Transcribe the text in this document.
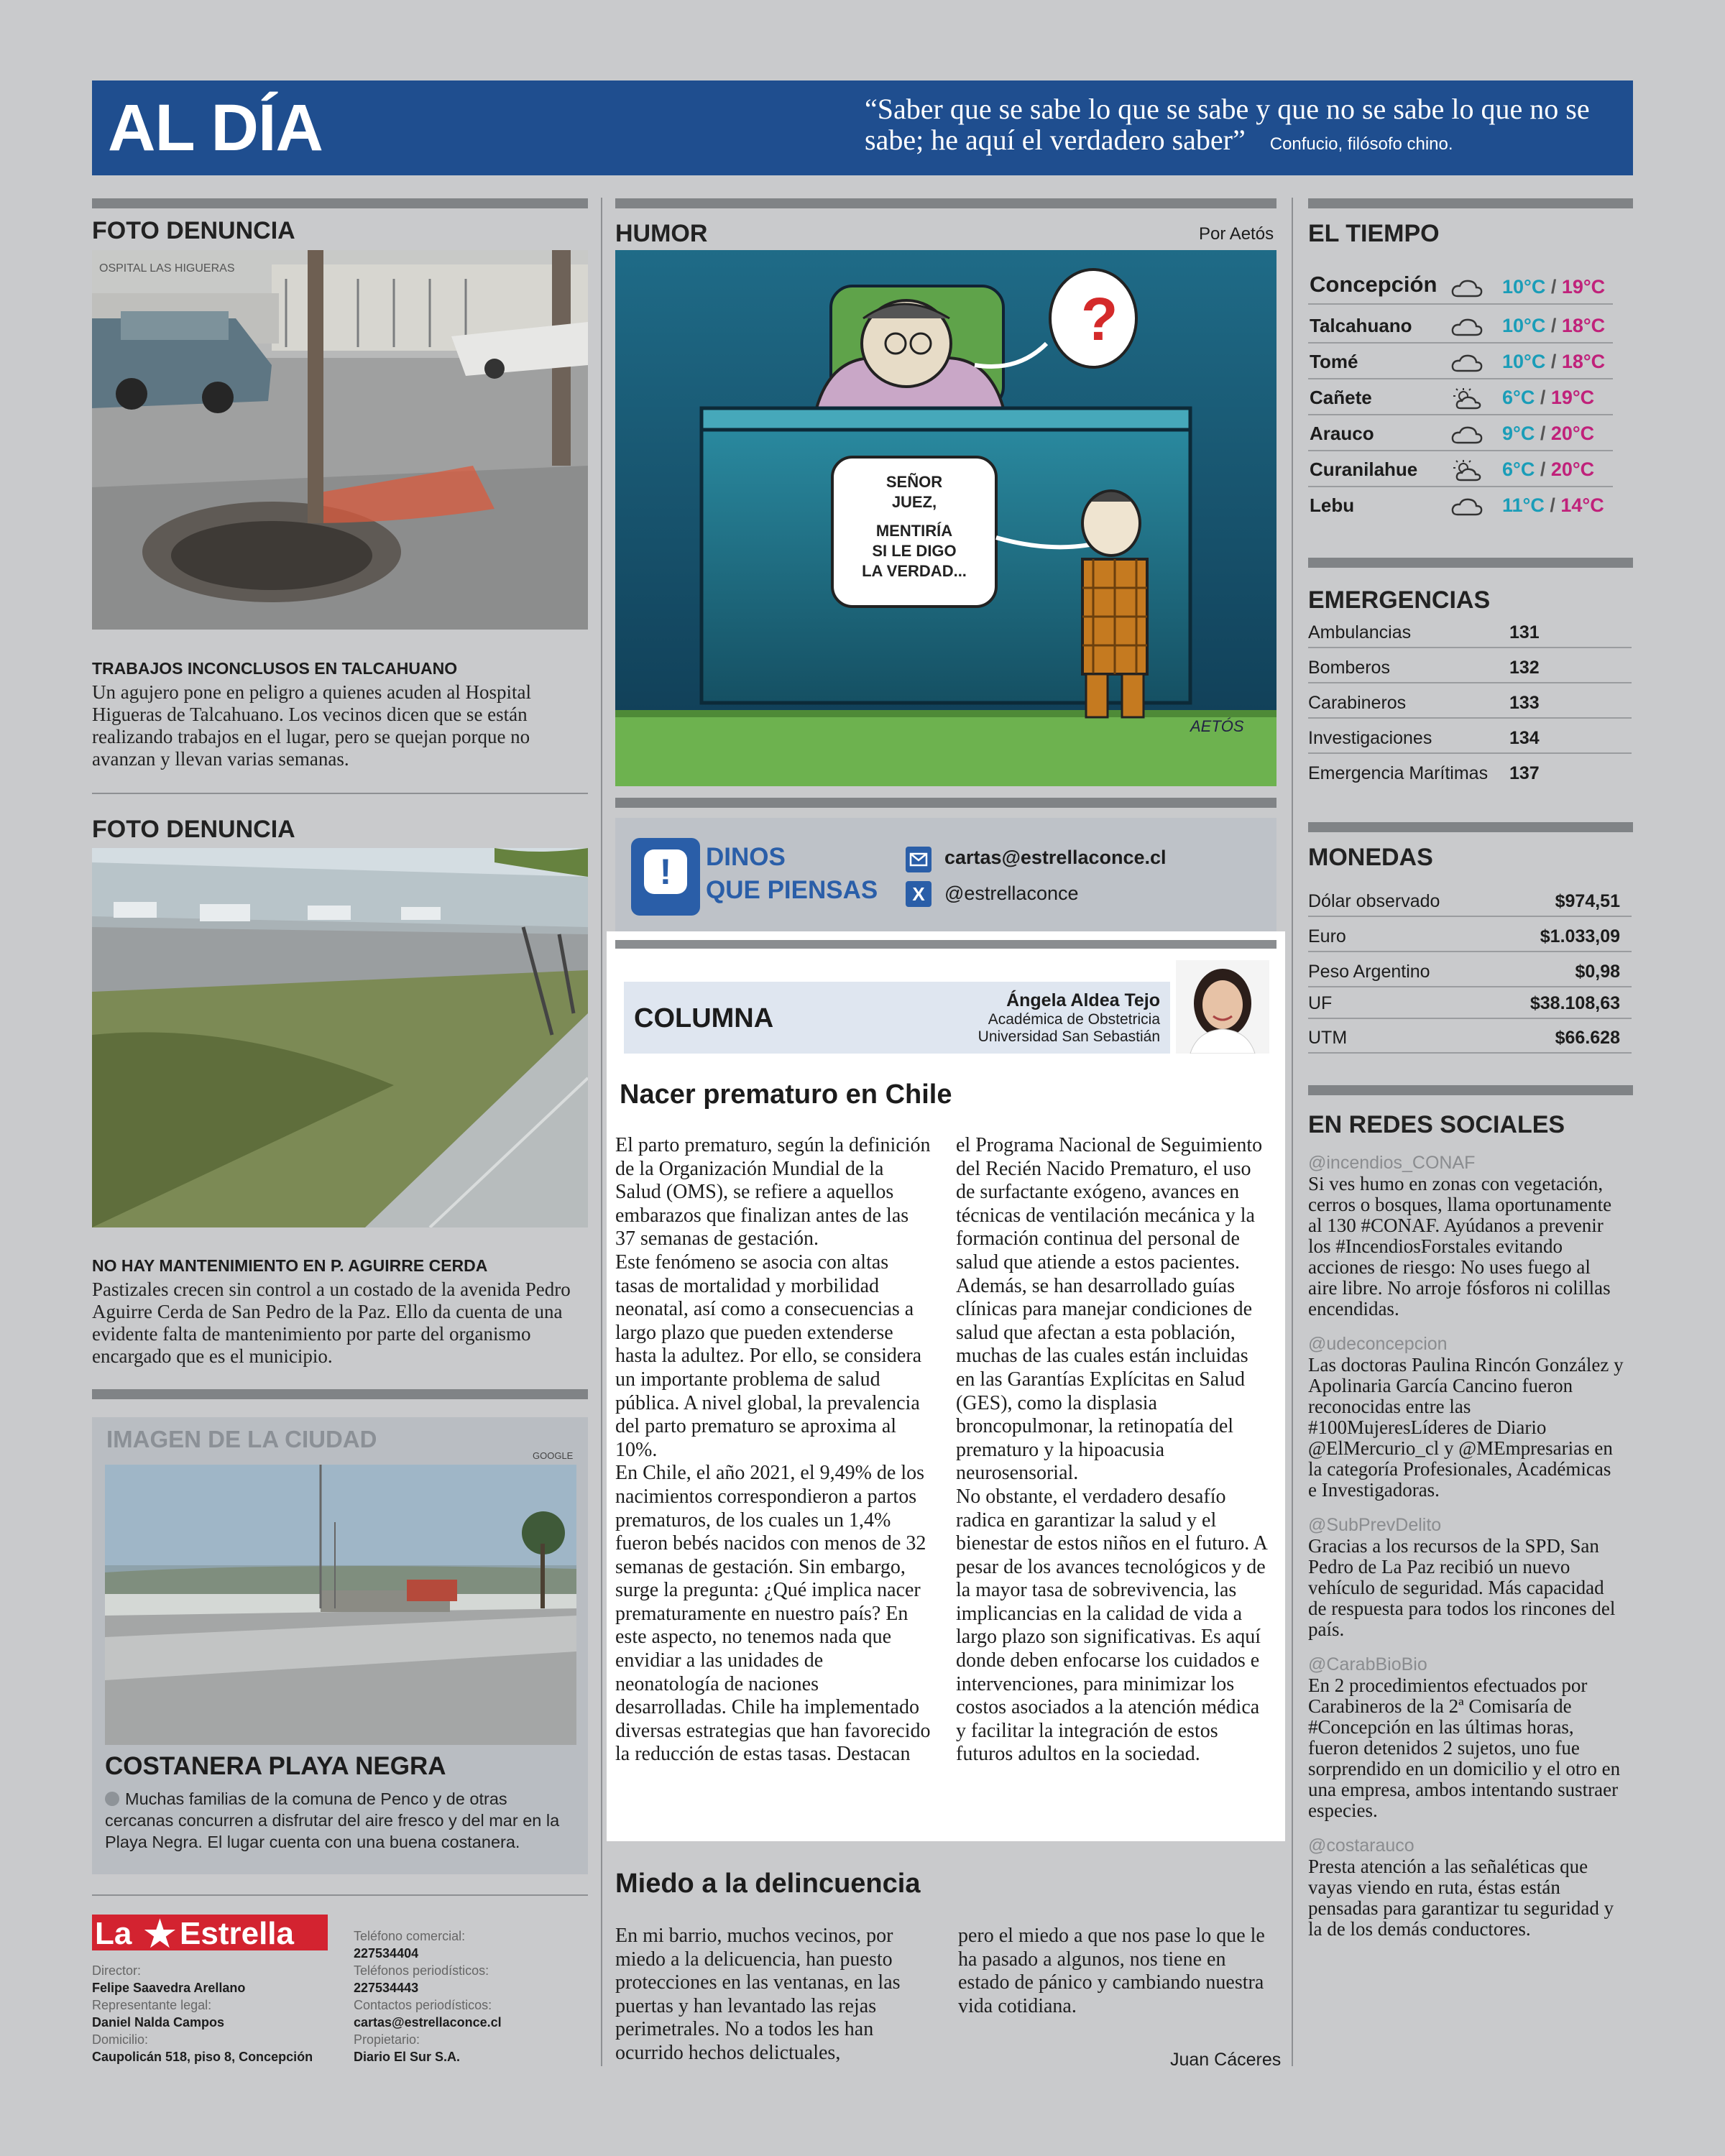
AL DÍA	“Saber que se sabe lo que se sabe y que no se sabe lo que no se sabe; he aquí el verdadero saber” Confucio, filósofo chino.
FOTO DENUNCIA
OSPITAL LAS HIGUERAS
TRABAJOS INCONCLUSOS EN TALCAHUANO
Un agujero pone en peligro a quienes acuden al Hospital Higueras de Talcahuano. Los vecinos dicen que se están realizando trabajos en el lugar, pero se quejan porque no avanzan y llevan varias semanas.
FOTO DENUNCIA
NO HAY MANTENIMIENTO EN P. AGUIRRE CERDA
Pastizales crecen sin control a un costado de la avenida Pedro Aguirre Cerda de San Pedro de la Paz. Ello da cuenta de una evidente falta de mantenimiento por parte del organismo encargado que es el municipio.
IMAGEN DE LA CIUDAD
GOOGLE
COSTANERA PLAYA NEGRA
Muchas familias de la comuna de Penco y de otras cercanas concurren a disfrutar del aire fresco y del mar en la Playa Negra. El lugar cuenta con una buena costanera.
La ★ Estrella
Director:
Felipe Saavedra Arellano
Representante legal:
Daniel Nalda Campos
Domicilio:
Caupolicán 518, piso 8, Concepción
Teléfono comercial:
227534404
Teléfonos periodísticos:
227534443
Contactos periodísticos:
cartas@estrellaconce.cl
Propietario:
Diario El Sur S.A.
HUMOR	Por Aetós
?
SEÑOR
JUEZ,
MENTIRÍA
SI LE DIGO
LA VERDAD...
AETÓS
!	DINOS
QUE PIENSAS
cartas@estrellaconce.cl
X	@estrellaconce
COLUMNA
Ángela Aldea Tejo
Académica de Obstetricia
Universidad San Sebastián
Nacer prematuro en Chile

El parto prematuro, según la definición de la Organización Mundial de la Salud (OMS), se refiere a aquellos embarazos que finalizan antes de las 37 semanas de gestación.

Este fenómeno se asocia con altas tasas de mortalidad y morbilidad neonatal, así como a consecuencias a largo plazo que pueden extenderse hasta la adultez. Por ello, se considera un importante problema de salud pública. A nivel global, la prevalencia del parto prematuro se aproxima al 10%.

En Chile, el año 2021, el 9,49% de los nacimientos correspondieron a partos prematuros, de los cuales un 1,4% fueron bebés nacidos con menos de 32 semanas de gestación. Sin embargo, surge la pregunta: ¿Qué implica nacer prematuramente en nuestro país? En este aspecto, no tenemos nada que envidiar a las unidades de neonatología de naciones desarrolladas. Chile ha implementado diversas estrategias que han favorecido la reducción de estas tasas. Destacan

el Programa Nacional de Seguimiento del Recién Nacido Prematuro, el uso de surfactante exógeno, avances en técnicas de ventilación mecánica y la formación continua del personal de salud que atiende a estos pacientes.

Además, se han desarrollado guías clínicas para manejar condiciones de salud que afectan a esta población, muchas de las cuales están incluidas en las Garantías Explícitas en Salud (GES), como la displasia broncopulmonar, la retinopatía del prematuro y la hipoacusia neurosensorial.

No obstante, el verdadero desafío radica en garantizar la salud y el bienestar de estos niños en el futuro. A pesar de los avances tecnológicos y de la mayor tasa de sobrevivencia, las implicancias en la calidad de vida a largo plazo son significativas. Es aquí donde deben enfocarse los cuidados e intervenciones, para minimizar los costos asociados a la atención médica y facilitar la integración de estos futuros adultos en la sociedad.

Miedo a la delincuencia
En mi barrio, muchos vecinos, por miedo a la delicuencia, han puesto protecciones en las ventanas, en las puertas y han levantado las rejas perimetrales. No a todos les han ocurrido hechos delictuales,
pero el miedo a que nos pase lo que le ha pasado a algunos, nos tiene en estado de pánico y cambiando nuestra vida cotidiana.
Juan Cáceres
EL TIEMPO
Concepción	10°C / 19°C
Talcahuano	10°C / 18°C
Tomé	10°C / 18°C
Cañete	6°C / 19°C
Arauco	9°C / 20°C
Curanilahue	6°C / 20°C
Lebu	11°C / 14°C
EMERGENCIAS
Ambulancias	131
Bomberos	132
Carabineros	133
Investigaciones	134
Emergencia Marítimas 137
MONEDAS
Dólar observado	$974,51
Euro	$1.033,09
Peso Argentino	$0,98
UF	$38.108,63
UTM	$66.628
EN REDES SOCIALES
@incendios_CONAF
Si ves humo en zonas con vegetación, cerros o bosques, llama oportunamente al 130 #CONAF. Ayúdanos a prevenir los #IncendiosForstales evitando acciones de riesgo: No uses fuego al aire libre. No arroje fósforos ni colillas encendidas.
@udeconcepcion
Las doctoras Paulina Rincón González y Apolinaria García Cancino fueron reconocidas entre las #100MujeresLíderes de Diario @ElMercurio_cl y @MEmpresarias en la categoría Profesionales, Académicas e Investigadoras.
@SubPrevDelito
Gracias a los recursos de la SPD, San Pedro de La Paz recibió un nuevo vehículo de seguridad. Más capacidad de respuesta para todos los rincones del país.
@CarabBioBio
En 2 procedimientos efectuados por Carabineros de la 2ª Comisaría de #Concepción en las últimas horas, fueron detenidos 2 sujetos, uno fue sorprendido en un domicilio y el otro en una empresa, ambos intentando sustraer especies.
@costarauco
Presta atención a las señaléticas que vayas viendo en ruta, éstas están pensadas para garantizar tu seguridad y la de los demás conductores.
